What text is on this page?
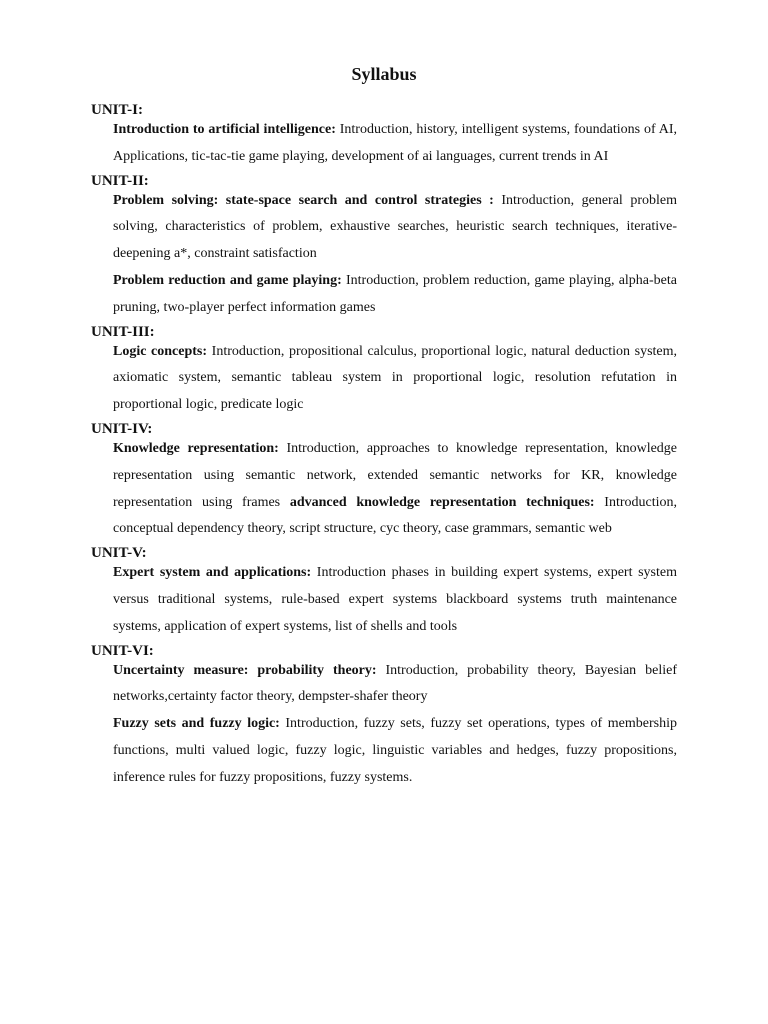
Syllabus
UNIT-I:

Introduction to artificial intelligence: Introduction, history, intelligent systems, foundations of AI, Applications, tic-tac-tie game playing, development of ai languages, current trends in AI

UNIT-II:

Problem solving: state-space search and control strategies : Introduction, general problem solving, characteristics of problem, exhaustive searches, heuristic search techniques, iterative-deepening a*, constraint satisfaction

Problem reduction and game playing: Introduction, problem reduction, game playing, alpha-beta pruning, two-player perfect information games

UNIT-III:

Logic concepts: Introduction, propositional calculus, proportional logic, natural deduction system, axiomatic system, semantic tableau system in proportional logic, resolution refutation in proportional logic, predicate logic

UNIT-IV:

Knowledge representation: Introduction, approaches to knowledge representation, knowledge representation using semantic network, extended semantic networks for KR, knowledge representation using frames advanced knowledge representation techniques: Introduction, conceptual dependency theory, script structure, cyc theory, case grammars, semantic web

UNIT-V:

Expert system and applications: Introduction phases in building expert systems, expert system versus traditional systems, rule-based expert systems blackboard systems truth maintenance systems, application of expert systems, list of shells and tools

UNIT-VI:

Uncertainty measure: probability theory: Introduction, probability theory, Bayesian belief networks,certainty factor theory, dempster-shafer theory

Fuzzy sets and fuzzy logic: Introduction, fuzzy sets, fuzzy set operations, types of membership functions, multi valued logic, fuzzy logic, linguistic variables and hedges, fuzzy propositions, inference rules for fuzzy propositions, fuzzy systems.
